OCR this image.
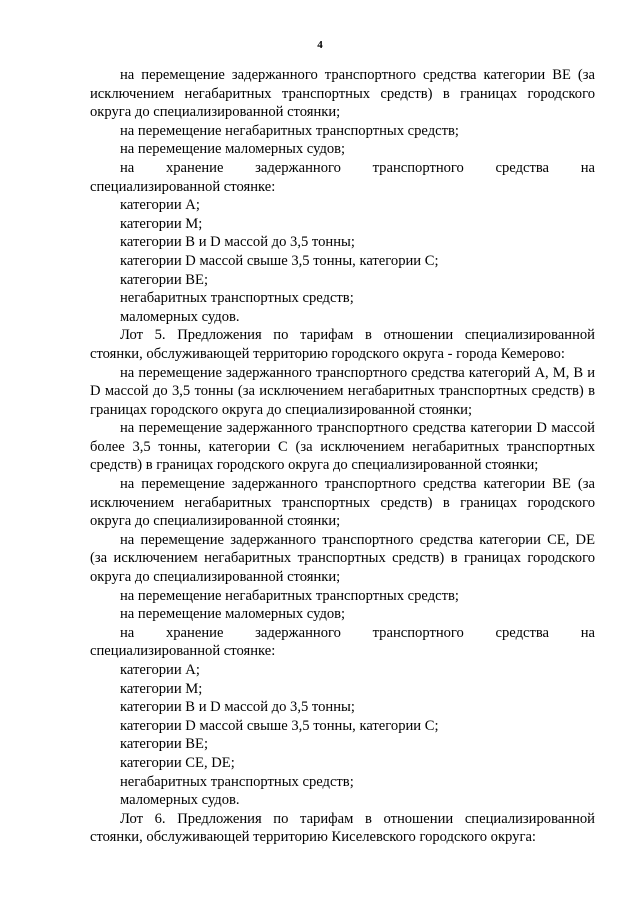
4

на перемещение задержанного транспортного средства категории ВЕ (за исключением негабаритных транспортных средств) в границах городского округа до специализированной стоянки;

на перемещение негабаритных транспортных средств;

на перемещение маломерных судов;

на хранение задержанного транспортного средства на

специализированной стоянке:

категории А;

категории М;

категории В и D массой до 3,5 тонны;

категории D массой свыше 3,5 тонны, категории С;

категории ВЕ;

негабаритных транспортных средств;

маломерных судов.

Лот 5. Предложения по тарифам в отношении специализированной стоянки, обслуживающей территорию городского округа - города Кемерово:

на перемещение задержанного транспортного средства категорий А, М, В и D массой до 3,5 тонны (за исключением негабаритных транспортных средств) в границах городского округа до специализированной стоянки;

на перемещение задержанного транспортного средства категории D массой более 3,5 тонны, категории С (за исключением негабаритных транспортных средств) в границах городского округа до специализированной стоянки;

на перемещение задержанного транспортного средства категории ВЕ (за исключением негабаритных транспортных средств) в границах городского округа до специализированной стоянки;

на перемещение задержанного транспортного средства категории СЕ, DE (за исключением негабаритных транспортных средств) в границах городского округа до специализированной стоянки;

на перемещение негабаритных транспортных средств;

на перемещение маломерных судов;

на хранение задержанного транспортного средства на

специализированной стоянке:

категории А;

категории М;

категории В и D массой до 3,5 тонны;

категории D массой свыше 3,5 тонны, категории С;

категории ВЕ;

категории СЕ, DE;

негабаритных транспортных средств;

маломерных судов.

Лот 6. Предложения по тарифам в отношении специализированной стоянки, обслуживающей территорию Киселевского городского округа:
